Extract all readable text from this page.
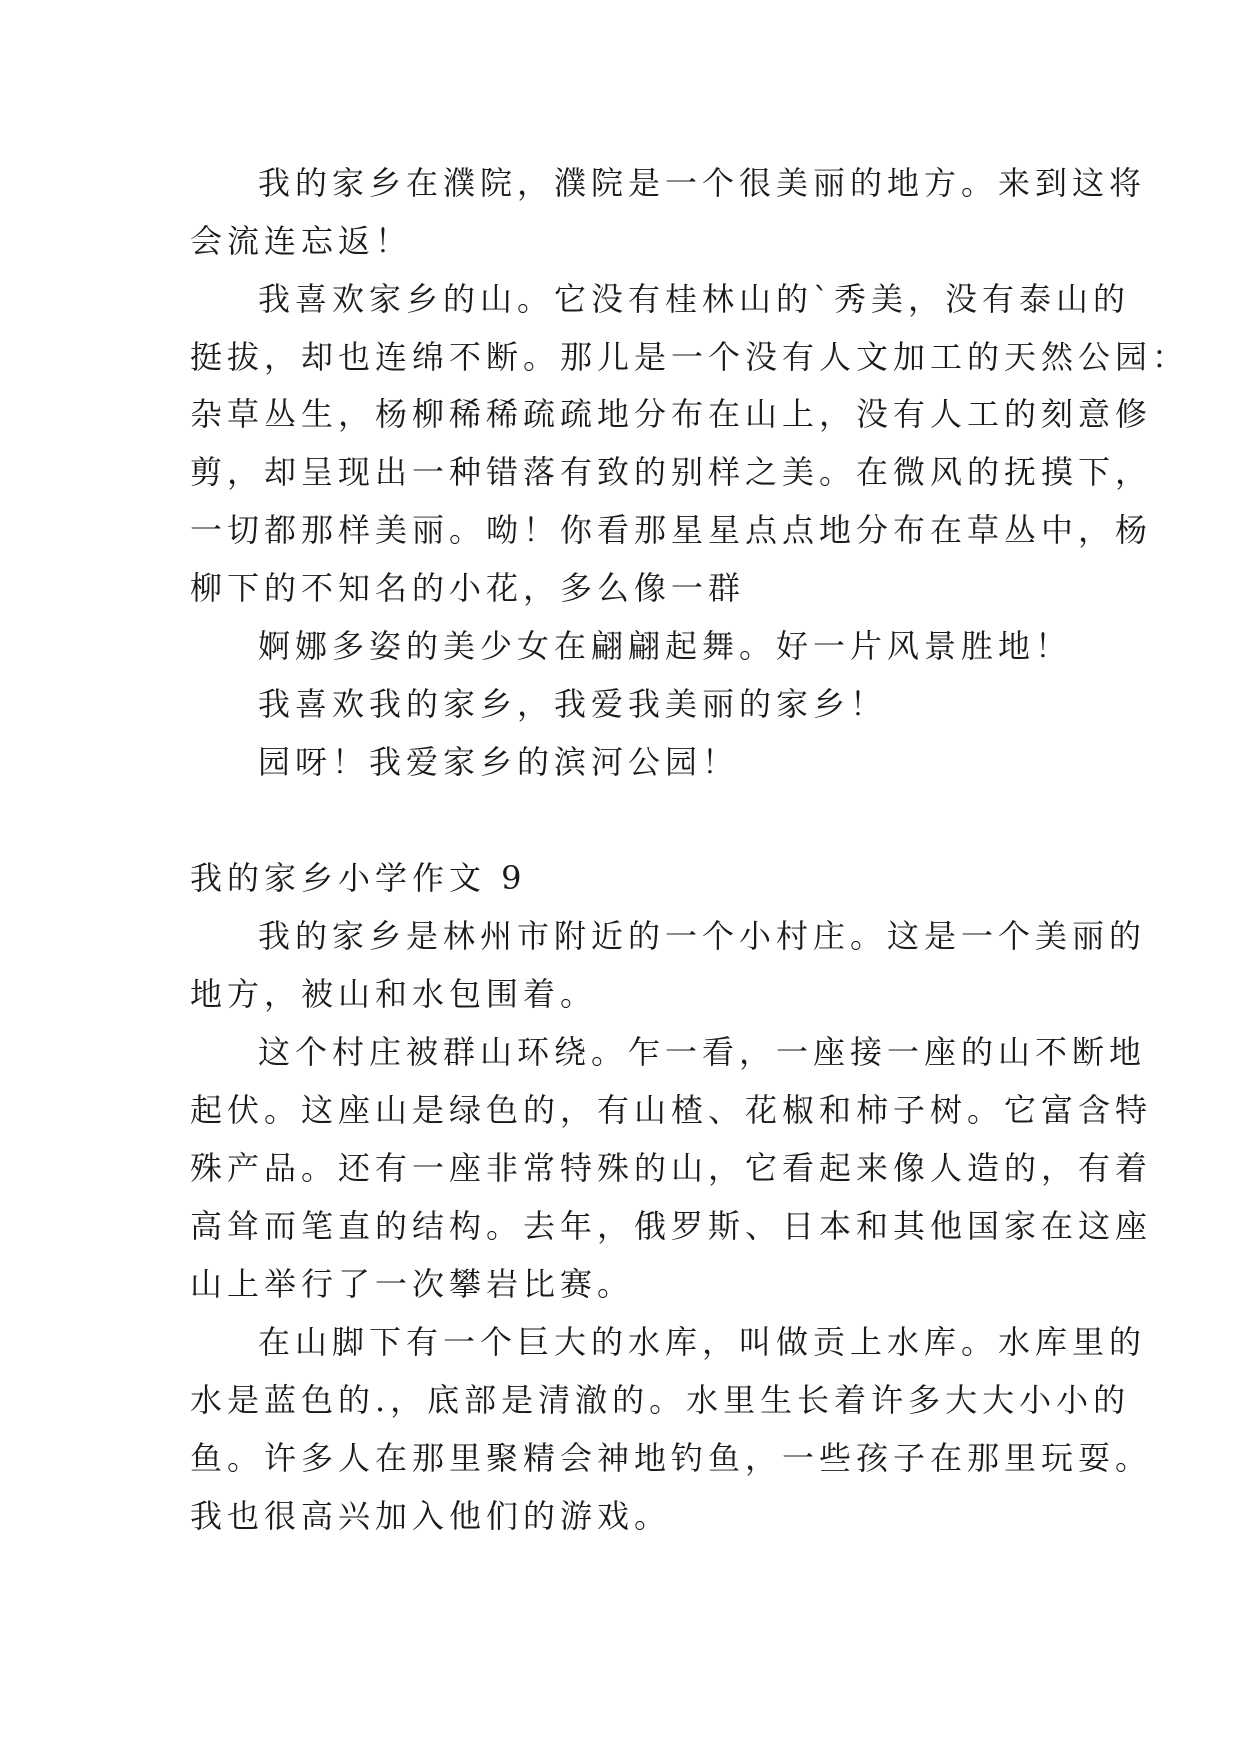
我的家乡在濮院，濮院是一个很美丽的地方。来到这将
会流连忘返！
我喜欢家乡的山。它没有桂林山的`秀美，没有泰山的
挺拔，却也连绵不断。那儿是一个没有人文加工的天然公园：
杂草丛生，杨柳稀稀疏疏地分布在山上，没有人工的刻意修
剪，却呈现出一种错落有致的别样之美。在微风的抚摸下，
一切都那样美丽。呦！你看那星星点点地分布在草丛中，杨
柳下的不知名的小花，多么像一群
婀娜多姿的美少女在翩翩起舞。好一片风景胜地！
我喜欢我的家乡，我爱我美丽的家乡！
园呀！我爱家乡的滨河公园！
我的家乡小学作文 9
我的家乡是林州市附近的一个小村庄。这是一个美丽的
地方，被山和水包围着。
这个村庄被群山环绕。乍一看，一座接一座的山不断地
起伏。这座山是绿色的，有山楂、花椒和柿子树。它富含特
殊产品。还有一座非常特殊的山，它看起来像人造的，有着
高耸而笔直的结构。去年，俄罗斯、日本和其他国家在这座
山上举行了一次攀岩比赛。
在山脚下有一个巨大的水库，叫做贡上水库。水库里的
水是蓝色的.，底部是清澈的。水里生长着许多大大小小的
鱼。许多人在那里聚精会神地钓鱼，一些孩子在那里玩耍。
我也很高兴加入他们的游戏。
